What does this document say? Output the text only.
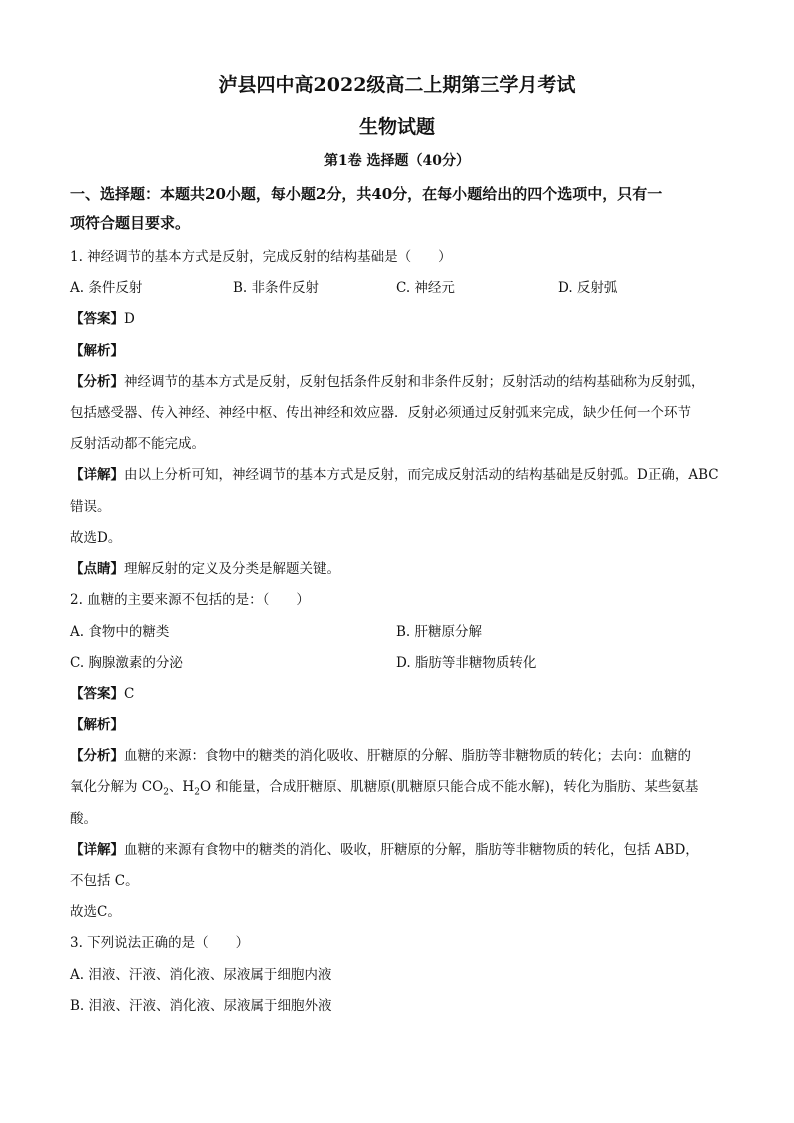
泸县四中高2022级高二上期第三学月考试
生物试题
第1卷 选择题（40分）
一、选择题：本题共20小题，每小题2分，共40分，在每小题给出的四个选项中，只有一
项符合题目要求。
1. 神经调节的基本方式是反射，完成反射的结构基础是（　　）
A. 条件反射	B. 非条件反射	C. 神经元	D. 反射弧
【答案】D
【解析】
【分析】神经调节的基本方式是反射，反射包括条件反射和非条件反射；反射活动的结构基础称为反射弧，
包括感受器、传入神经、神经中枢、传出神经和效应器．反射必须通过反射弧来完成，缺少任何一个环节
反射活动都不能完成。
【详解】由以上分析可知，神经调节的基本方式是反射，而完成反射活动的结构基础是反射弧。D正确，ABC
错误。
故选D。
【点睛】理解反射的定义及分类是解题关键。
2. 血糖的主要来源不包括的是：（　　）
A. 食物中的糖类	B. 肝糖原分解
C. 胸腺激素的分泌	D. 脂肪等非糖物质转化
【答案】C
【解析】
【分析】血糖的来源：食物中的糖类的消化吸收、肝糖原的分解、脂肪等非糖物质的转化；去向：血糖的
氧化分解为 $CO_2$、$H_2O$ 和能量，合成肝糖原、肌糖原(肌糖原只能合成不能水解)，转化为脂肪、某些氨基
酸。
【详解】血糖的来源有食物中的糖类的消化、吸收，肝糖原的分解，脂肪等非糖物质的转化，包括 ABD，
不包括 C。
故选C。
3. 下列说法正确的是（　　）
A. 泪液、汗液、消化液、尿液属于细胞内液
B. 泪液、汗液、消化液、尿液属于细胞外液
